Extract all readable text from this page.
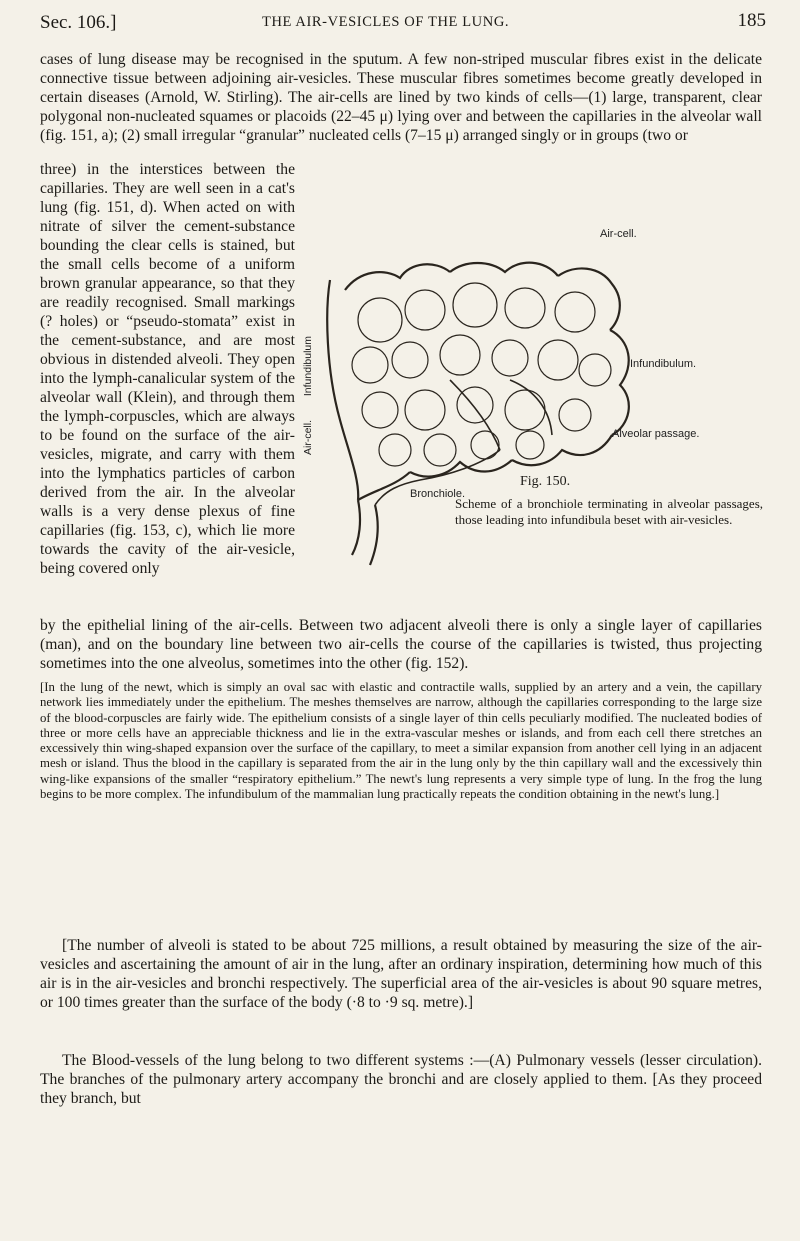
Sec. 106.]	THE AIR-VESICLES OF THE LUNG.	185
cases of lung disease may be recognised in the sputum. A few non-striped muscular fibres exist in the delicate connective tissue between adjoining air-vesicles. These muscular fibres sometimes become greatly developed in certain diseases (Arnold, W. Stirling). The air-cells are lined by two kinds of cells—(1) large, transparent, clear polygonal non-nucleated squames or placoids (22–45 μ) lying over and between the capillaries in the alveolar wall (fig. 151, a); (2) small irregular “granular” nucleated cells (7–15 μ) arranged singly or in groups (two or
three) in the interstices between the capillaries. They are well seen in a cat's lung (fig. 151, d). When acted on with nitrate of silver the cement-substance bounding the clear cells is stained, but the small cells become of a uniform brown granular appearance, so that they are readily recognised. Small markings (? holes) or “pseudo-stomata” exist in the cement-substance, and are most obvious in distended alveoli. They open into the lymph-canalicular system of the alveolar wall (Klein), and through them the lymph-corpuscles, which are always to be found on the surface of the air-vesicles, migrate, and carry with them into the lymphatics particles of carbon derived from the air. In the alveolar walls is a very dense plexus of fine capillaries (fig. 153, c), which lie more towards the cavity of the air-vesicle, being covered only
Air-cell.
Infundibulum.
Alveolar passage.
Bronchiole.
Infundibulum
Air-cell.
Fig. 150.
Scheme of a bronchiole terminating in alveolar passages, those leading into infundibula beset with air-vesicles.
by the epithelial lining of the air-cells. Between two adjacent alveoli there is only a single layer of capillaries (man), and on the boundary line between two air-cells the course of the capillaries is twisted, thus projecting sometimes into the one alveolus, sometimes into the other (fig. 152).
[In the lung of the newt, which is simply an oval sac with elastic and contractile walls, supplied by an artery and a vein, the capillary network lies immediately under the epithelium. The meshes themselves are narrow, although the capillaries corresponding to the large size of the blood-corpuscles are fairly wide. The epithelium consists of a single layer of thin cells peculiarly modified. The nucleated bodies of three or more cells have an appreciable thickness and lie in the extra-vascular meshes or islands, and from each cell there stretches an excessively thin wing-shaped expansion over the surface of the capillary, to meet a similar expansion from another cell lying in an adjacent mesh or island. Thus the blood in the capillary is separated from the air in the lung only by the thin capillary wall and the excessively thin wing-like expansions of the smaller “respiratory epithelium.” The newt's lung represents a very simple type of lung. In the frog the lung begins to be more complex. The infundibulum of the mammalian lung practically repeats the condition obtaining in the newt's lung.]
[The number of alveoli is stated to be about 725 millions, a result obtained by measuring the size of the air-vesicles and ascertaining the amount of air in the lung, after an ordinary inspiration, determining how much of this air is in the air-vesicles and bronchi respectively. The superficial area of the air-vesicles is about 90 square metres, or 100 times greater than the surface of the body (·8 to ·9 sq. metre).]
The Blood-vessels of the lung belong to two different systems :—(A) Pulmonary vessels (lesser circulation). The branches of the pulmonary artery accompany the bronchi and are closely applied to them. [As they proceed they branch, but
